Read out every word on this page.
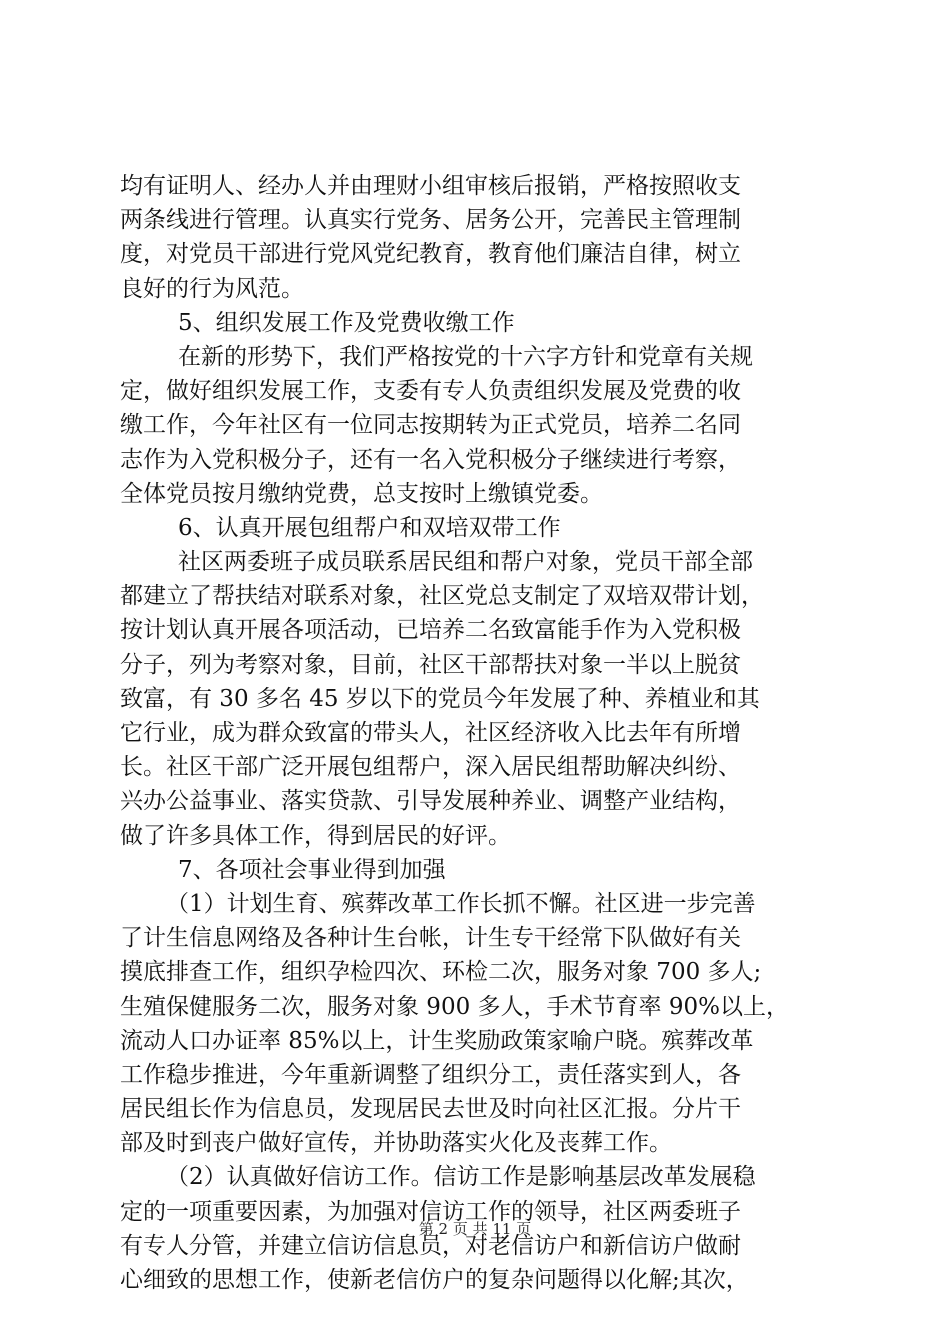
均有证明人、经办人并由理财小组审核后报销，严格按照收支
两条线进行管理。认真实行党务、居务公开，完善民主管理制
度，对党员干部进行党风党纪教育，教育他们廉洁自律，树立
良好的行为风范。
5、组织发展工作及党费收缴工作
在新的形势下，我们严格按党的十六字方针和党章有关规
定，做好组织发展工作，支委有专人负责组织发展及党费的收
缴工作，今年社区有一位同志按期转为正式党员，培养二名同
志作为入党积极分子，还有一名入党积极分子继续进行考察，
全体党员按月缴纳党费，总支按时上缴镇党委。
6、认真开展包组帮户和双培双带工作
社区两委班子成员联系居民组和帮户对象，党员干部全部
都建立了帮扶结对联系对象，社区党总支制定了双培双带计划，
按计划认真开展各项活动，已培养二名致富能手作为入党积极
分子，列为考察对象，目前，社区干部帮扶对象一半以上脱贫
致富，有 30 多名 45 岁以下的党员今年发展了种、养植业和其
它行业，成为群众致富的带头人，社区经济收入比去年有所增
长。社区干部广泛开展包组帮户，深入居民组帮助解决纠纷、
兴办公益事业、落实贷款、引导发展种养业、调整产业结构，
做了许多具体工作，得到居民的好评。
7、各项社会事业得到加强
（1）计划生育、殡葬改革工作长抓不懈。社区进一步完善
了计生信息网络及各种计生台帐，计生专干经常下队做好有关
摸底排查工作，组织孕检四次、环检二次，服务对象 700 多人;
生殖保健服务二次，服务对象 900 多人，手术节育率 90%以上，
流动人口办证率 85%以上，计生奖励政策家喻户晓。殡葬改革
工作稳步推进，今年重新调整了组织分工，责任落实到人，各
居民组长作为信息员，发现居民去世及时向社区汇报。分片干
部及时到丧户做好宣传，并协助落实火化及丧葬工作。
（2）认真做好信访工作。信访工作是影响基层改革发展稳
定的一项重要因素，为加强对信访工作的领导，社区两委班子
有专人分管，并建立信访信息员，对老信访户和新信访户做耐
心细致的思想工作，使新老信仿户的复杂问题得以化解;其次，
第 2 页 共 11 页
